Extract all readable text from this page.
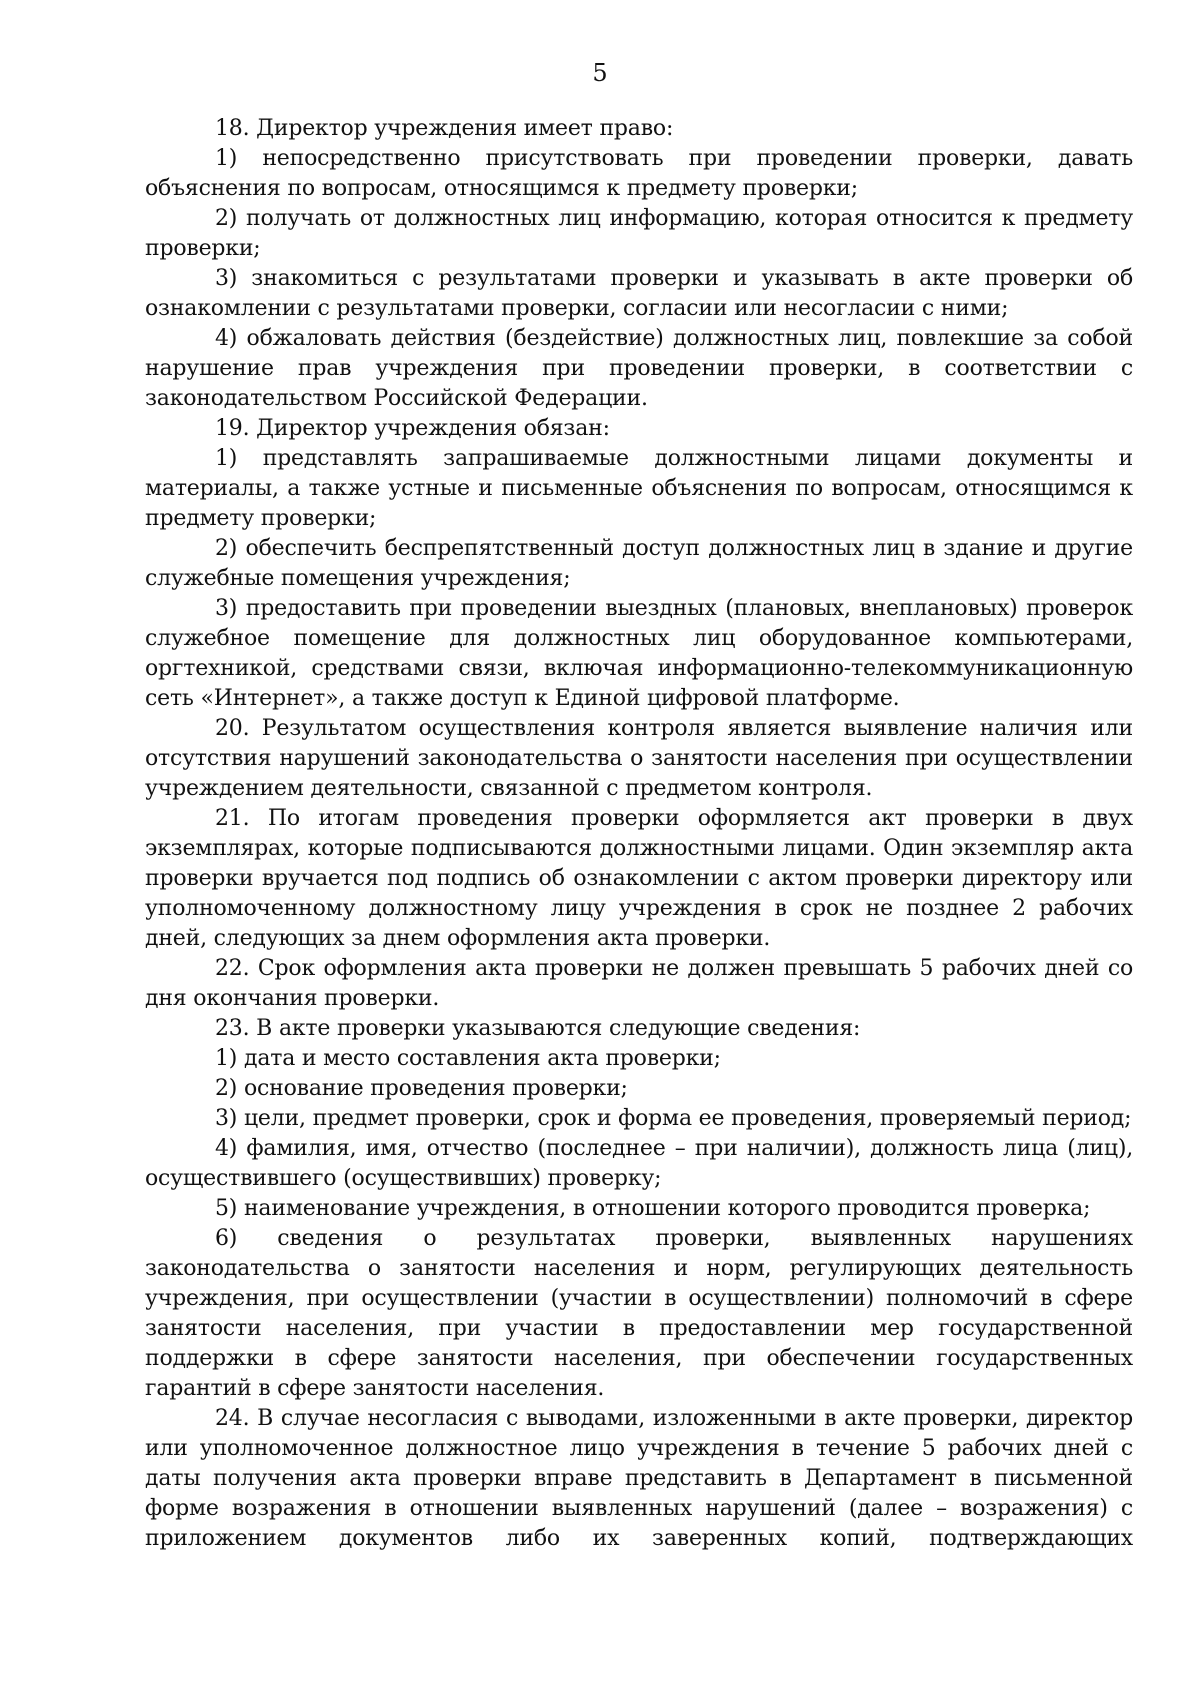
5

18. Директор учреждения имеет право:

1) непосредственно присутствовать при проведении проверки, давать объяснения по вопросам, относящимся к предмету проверки;

2) получать от должностных лиц информацию, которая относится к предмету проверки;

3) знакомиться с результатами проверки и указывать в акте проверки об ознакомлении с результатами проверки, согласии или несогласии с ними;

4) обжаловать действия (бездействие) должностных лиц, повлекшие за собой нарушение прав учреждения при проведении проверки, в соответствии с законодательством Российской Федерации.

19. Директор учреждения обязан:

1) представлять запрашиваемые должностными лицами документы и материалы, а также устные и письменные объяснения по вопросам, относящимся к предмету проверки;

2) обеспечить беспрепятственный доступ должностных лиц в здание и другие служебные помещения учреждения;

3) предоставить при проведении выездных (плановых, внеплановых) проверок служебное помещение для должностных лиц оборудованное компьютерами, оргтехникой, средствами связи, включая информационно-телекоммуникационную сеть «Интернет», а также доступ к Единой цифровой платформе.

20. Результатом осуществления контроля является выявление наличия или отсутствия нарушений законодательства о занятости населения при осуществлении учреждением деятельности, связанной с предметом контроля.

21. По итогам проведения проверки оформляется акт проверки в двух экземплярах, которые подписываются должностными лицами. Один экземпляр акта проверки вручается под подпись об ознакомлении с актом проверки директору или уполномоченному должностному лицу учреждения в срок не позднее 2 рабочих дней, следующих за днем оформления акта проверки.

22. Срок оформления акта проверки не должен превышать 5 рабочих дней со дня окончания проверки.

23. В акте проверки указываются следующие сведения:

1) дата и место составления акта проверки;

2) основание проведения проверки;

3) цели, предмет проверки, срок и форма ее проведения, проверяемый период;

4) фамилия, имя, отчество (последнее – при наличии), должность лица (лиц), осуществившего (осуществивших) проверку;

5) наименование учреждения, в отношении которого проводится проверка;

6) сведения о результатах проверки, выявленных нарушениях законодательства о занятости населения и норм, регулирующих деятельность учреждения, при осуществлении (участии в осуществлении) полномочий в сфере занятости населения, при участии в предоставлении мер государственной поддержки в сфере занятости населения, при обеспечении государственных гарантий в сфере занятости населения.

24. В случае несогласия с выводами, изложенными в акте проверки, директор или уполномоченное должностное лицо учреждения в течение 5 рабочих дней с даты получения акта проверки вправе представить в Департамент в письменной форме возражения в отношении выявленных нарушений (далее – возражения) с приложением документов либо их заверенных копий, подтверждающих
